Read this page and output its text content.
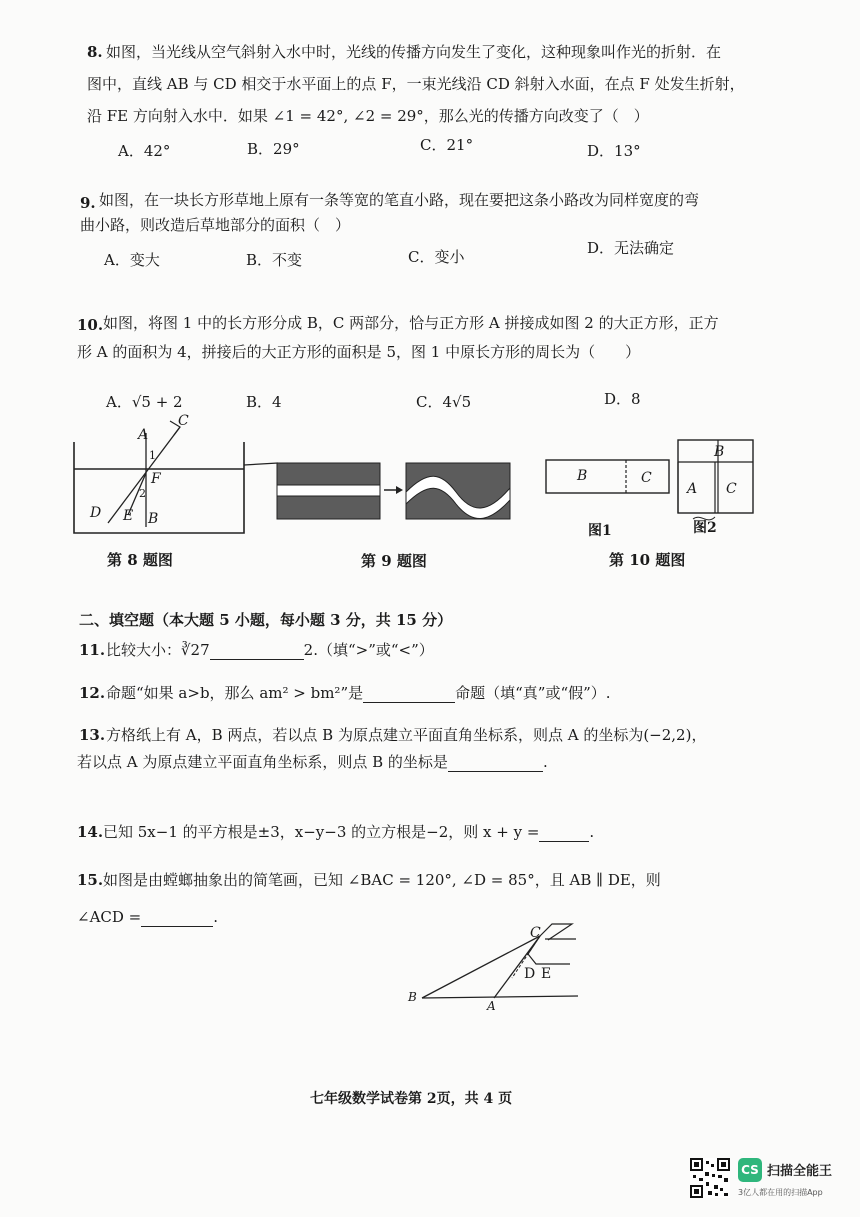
8. 如图，当光线从空气斜射入水中时，光线的传播方向发生了变化，这种现象叫作光的折射．在
图中，直线 AB 与 CD 相交于水平面上的点 F，一束光线沿 CD 斜射入水面，在点 F 处发生折射，
沿 FE 方向射入水中．如果 ∠1 = 42°, ∠2 = 29°，那么光的传播方向改变了（　）
A．42°	B．29°	C．21°	D．13°
9. 如图，在一块长方形草地上原有一条等宽的笔直小路，现在要把这条小路改为同样宽度的弯
曲小路，则改造后草地部分的面积（　）
A．变大	B．不变	C．变小	D．无法确定
10. 如图，将图 1 中的长方形分成 B，C 两部分，恰与正方形 A 拼接成如图 2 的大正方形，正方
形 A 的面积为 4，拼接后的大正方形的面积是 5，图 1 中原长方形的周长为（　　）
A．√5 + 2	B．4	C．4√5	D．8
A
C
1
F
2
D E B
B	C
B
A C
图1	图2
第 8 题图	第 9 题图	第 10 题图
二、填空题（本大题 5 小题，每小题 3 分，共 15 分）
11. 比较大小：∛27	2.（填“>”或“<”）
12. 命题“如果 a>b，那么 am² > bm²”是	命题（填“真”或“假”）.
13. 方格纸上有 A，B 两点，若以点 B 为原点建立平面直角坐标系，则点 A 的坐标为(−2,2)，
若以点 A 为原点建立平面直角坐标系，则点 B 的坐标是	.
14. 已知 5x−1 的平方根是±3，x−y−3 的立方根是−2，则 x + y =	.
15. 如图是由螳螂抽象出的简笔画，已知 ∠BAC = 120°, ∠D = 85°，且 AB ∥ DE，则
∠ACD =	.
C
D E
B
A
七年级数学试卷第 2页，共 4 页
CS 扫描全能王
3亿人都在用的扫描App
